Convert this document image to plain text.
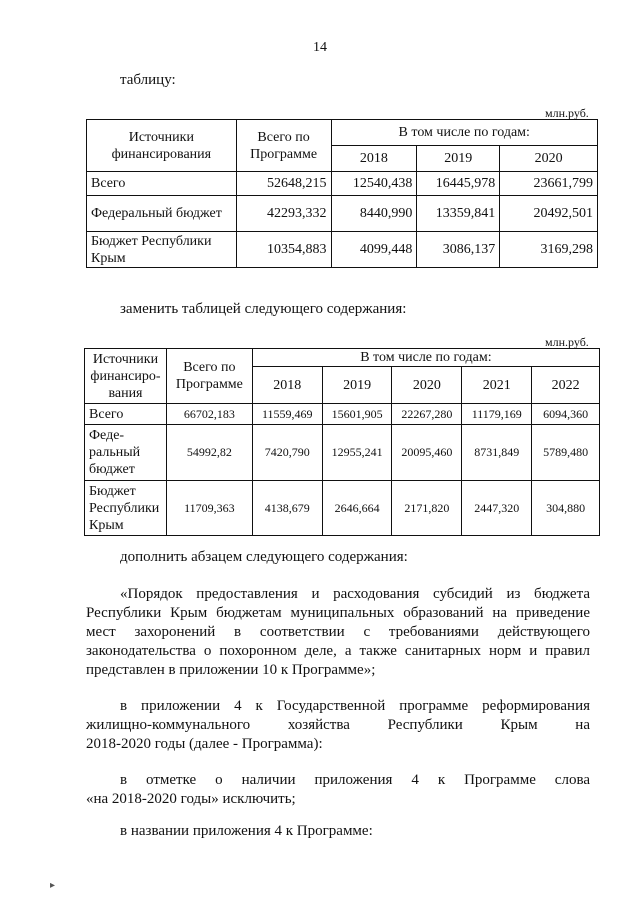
14
таблицу:
млн.руб.
Источники финансирования	Всего по Программе	В том числе по годам:		
		2018	2019	2020
Всего	52648,215	12540,438	16445,978	23661,799
Федеральный бюджет	42293,332	8440,990	13359,841	20492,501
Бюджет Республики Крым	10354,883	4099,448	3086,137	3169,298
заменить таблицей следующего содержания:
млн.руб.
Источники финансиро-вания	Всего по Программе	В том числе по годам:				
		2018	2019	2020	2021	2022
Всего	66702,183	11559,469	15601,905	22267,280	11179,169	6094,360
Феде-ральный бюджет	54992,82	7420,790	12955,241	20095,460	8731,849	5789,480
Бюджет Республики Крым	11709,363	4138,679	2646,664	2171,820	2447,320	304,880
дополнить абзацем следующего содержания:
«Порядок предоставления и расходования субсидий из бюджета
Республики Крым бюджетам муниципальных образований на приведение
мест захоронений в соответствии с требованиями действующего
законодательства о похоронном деле, а также санитарных норм и правил
представлен в приложении 10 к Программе»;
в приложении 4 к Государственной программе реформирования
жилищно-коммунального хозяйства Республики Крым на
2018-2020 годы (далее - Программа):
в отметке о наличии приложения 4 к Программе слова
«на 2018-2020 годы» исключить;
в названии приложения 4 к Программе:
▸
